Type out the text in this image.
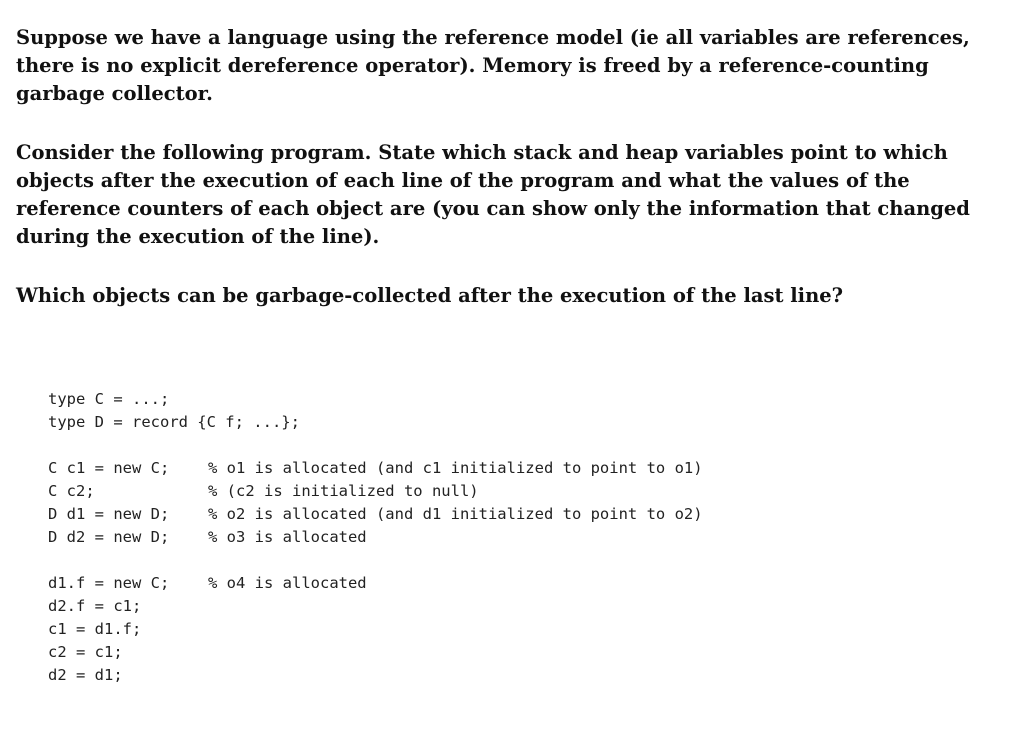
Suppose we have a language using the reference model (ie all variables are references,
there is no explicit dereference operator). Memory is freed by a reference-counting
garbage collector.

Consider the following program. State which stack and heap variables point to which
objects after the execution of each line of the program and what the values of the
reference counters of each object are (you can show only the information that changed
during the execution of the line).

Which objects can be garbage-collected after the execution of the last line?

type C = ...;
type D = record {C f; ...};
C c1 = new C;	% o1 is allocated (and c1 initialized to point to o1)
C c2;	% (c2 is initialized to null)
D d1 = new D;	% o2 is allocated (and d1 initialized to point to o2)
D d2 = new D;	% o3 is allocated
d1.f = new C;	% o4 is allocated
d2.f = c1;
c1 = d1.f;
c2 = c1;
d2 = d1;
